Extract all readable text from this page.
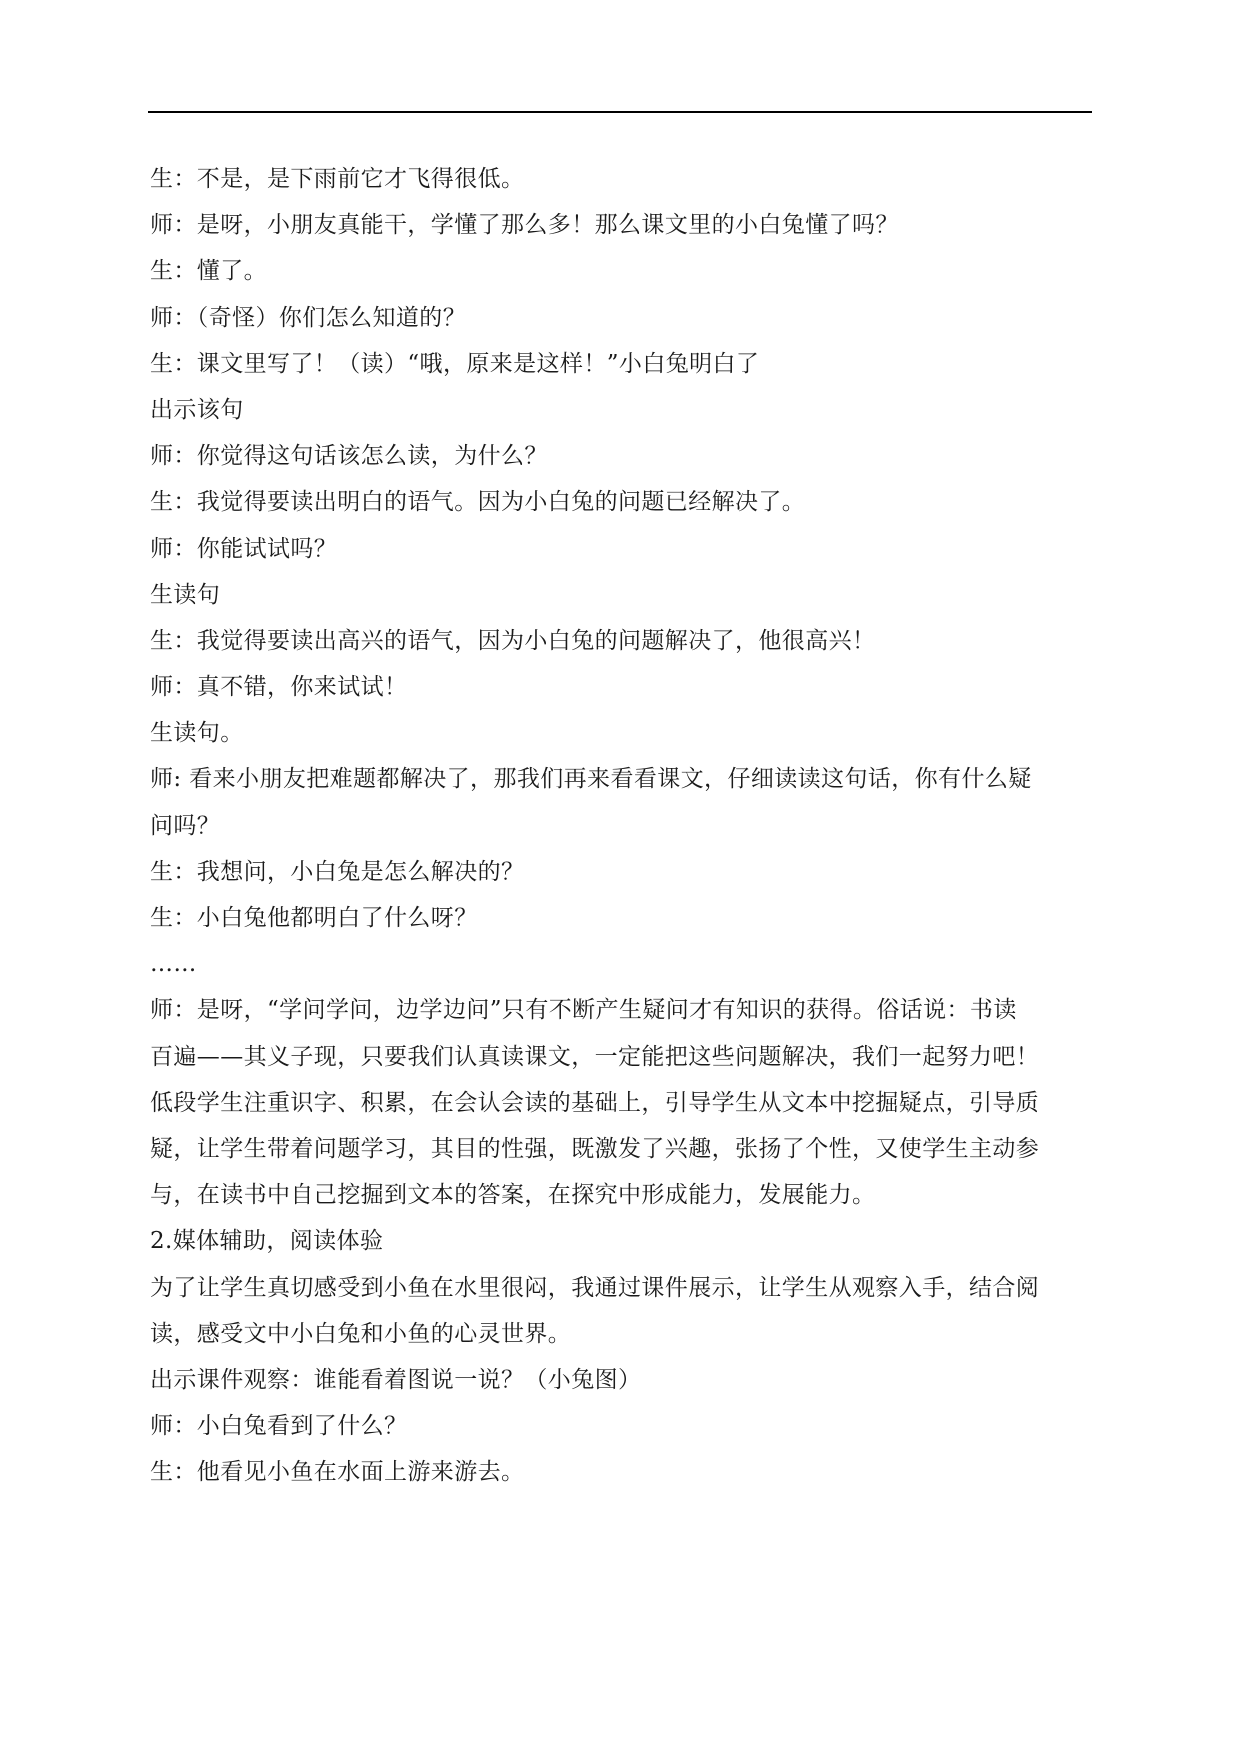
生：不是，是下雨前它才飞得很低。
师：是呀，小朋友真能干，学懂了那么多！那么课文里的小白兔懂了吗？
生：懂了。
师：（奇怪）你们怎么知道的？
生：课文里写了！（读）“哦，原来是这样！”小白兔明白了
出示该句
师：你觉得这句话该怎么读，为什么？
生：我觉得要读出明白的语气。因为小白兔的问题已经解决了。
师：你能试试吗？
生读句
生：我觉得要读出高兴的语气，因为小白兔的问题解决了，他很高兴！
师：真不错，你来试试！
生读句。
师: 看来小朋友把难题都解决了，那我们再来看看课文，仔细读读这句话，你有什么疑
问吗？
生：我想问，小白兔是怎么解决的？
生：小白兔他都明白了什么呀？
……
师：是呀，“学问学问，边学边问”只有不断产生疑问才有知识的获得。俗话说：书读
百遍——其义子现，只要我们认真读课文，一定能把这些问题解决，我们一起努力吧！
低段学生注重识字、积累，在会认会读的基础上，引导学生从文本中挖掘疑点，引导质
疑，让学生带着问题学习，其目的性强，既激发了兴趣，张扬了个性，又使学生主动参
与，在读书中自己挖掘到文本的答案，在探究中形成能力，发展能力。
2.媒体辅助，阅读体验
为了让学生真切感受到小鱼在水里很闷，我通过课件展示，让学生从观察入手，结合阅
读，感受文中小白兔和小鱼的心灵世界。
出示课件观察：谁能看着图说一说？（小兔图）
师：小白兔看到了什么？
生：他看见小鱼在水面上游来游去。
